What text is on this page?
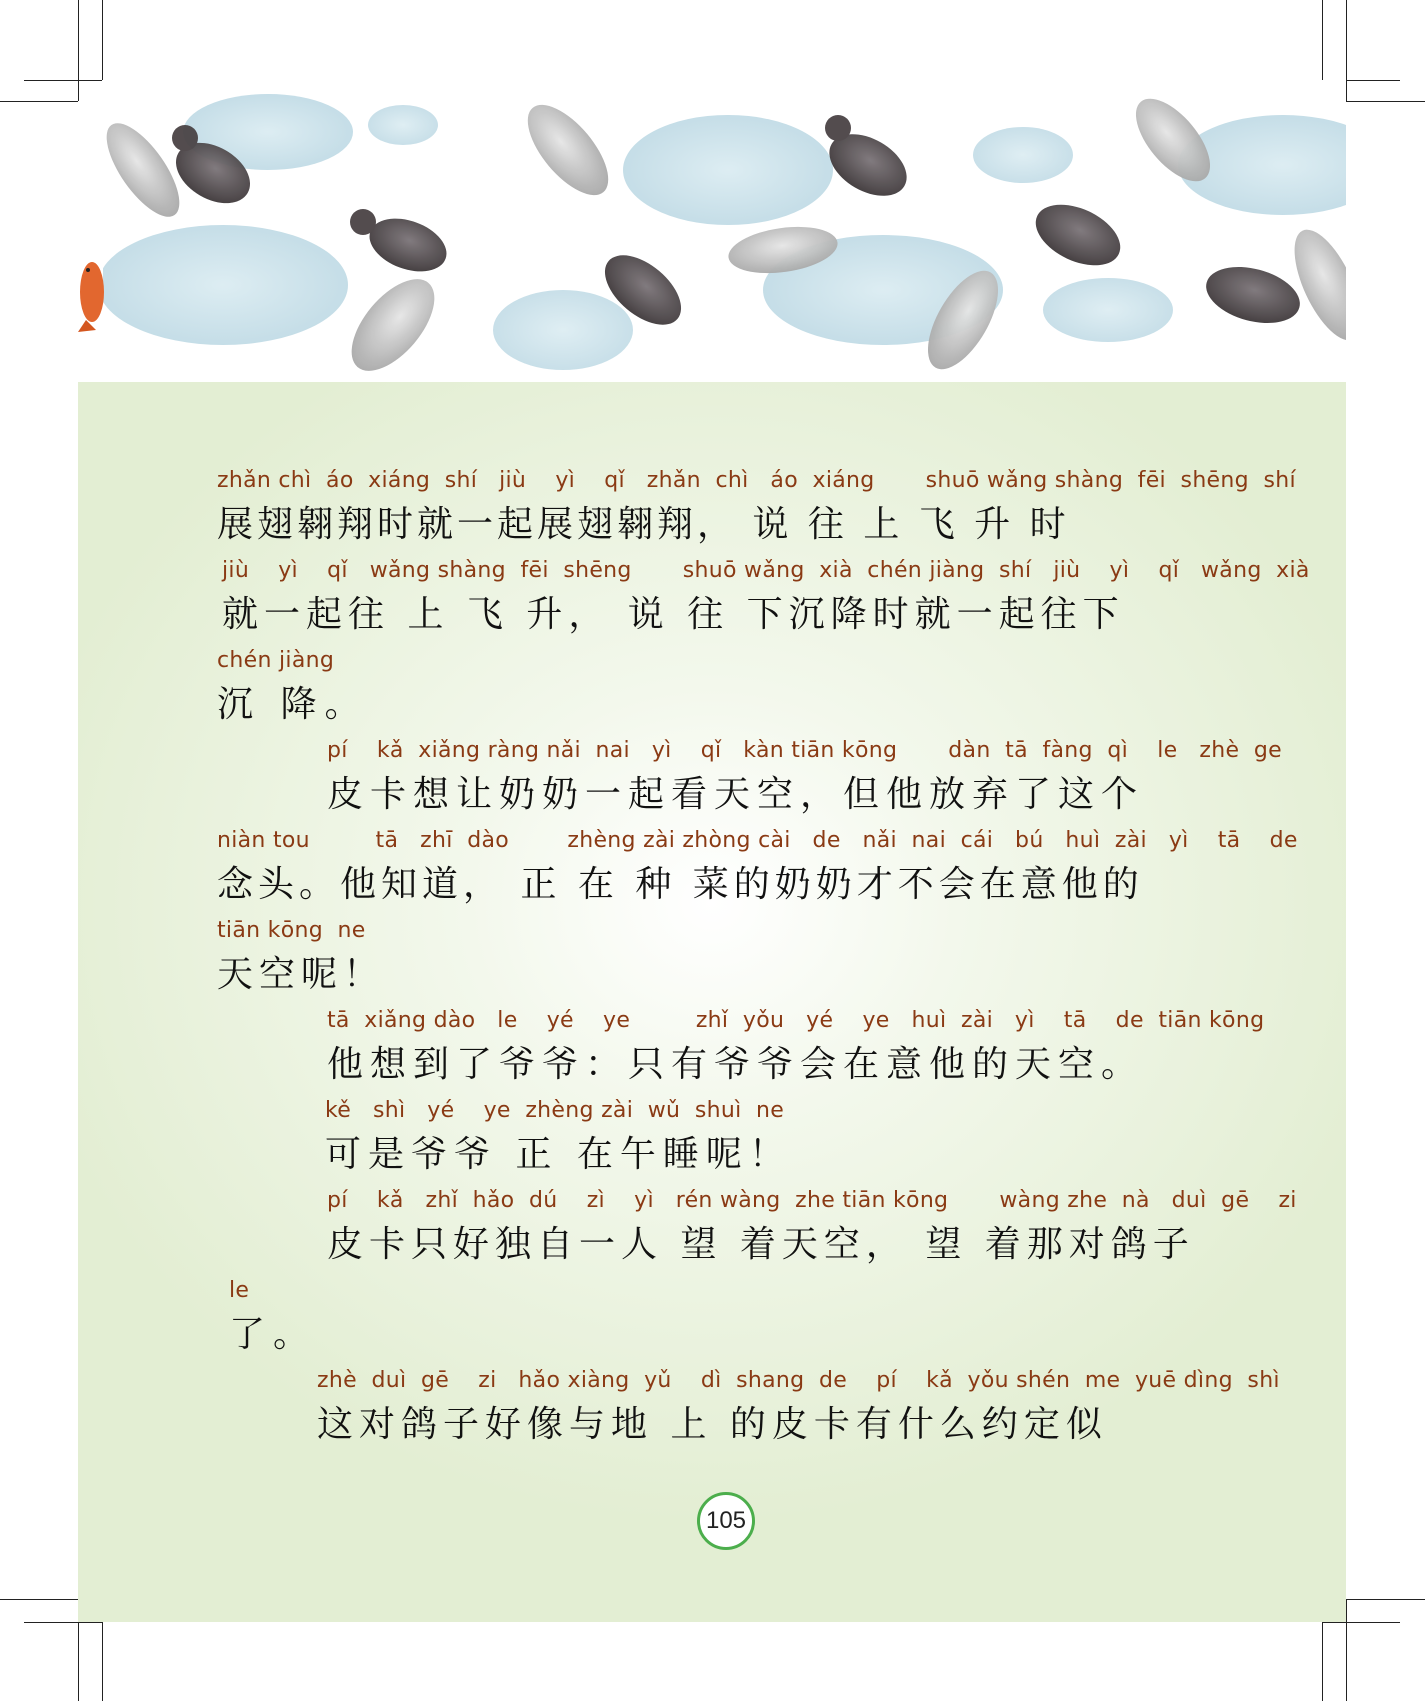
zhǎn chì  áo  xiáng  shí   jiù    yì    qǐ   zhǎn  chì   áo  xiáng       shuō wǎng shàng  fēi  shēng  shí
展翅翱翔时就一起展翅翱翔， 说 往 上 飞 升 时
jiù    yì    qǐ   wǎng shàng  fēi  shēng       shuō wǎng  xià  chén jiàng  shí   jiù    yì    qǐ   wǎng  xià
就一起往 上 飞 升， 说 往 下沉降时就一起往下
chén jiàng
沉 降。
pí    kǎ  xiǎng ràng nǎi  nai   yì    qǐ   kàn tiān kōng       dàn  tā  fàng  qì    le   zhè  ge
皮卡想让奶奶一起看天空，但他放弃了这个
niàn tou         tā   zhī  dào        zhèng zài zhòng cài   de   nǎi  nai  cái   bú   huì  zài   yì    tā    de
念头。他知道， 正 在 种 菜的奶奶才不会在意他的
tiān kōng  ne
天空呢！
tā  xiǎng dào   le    yé    ye         zhǐ  yǒu   yé    ye   huì  zài   yì    tā    de  tiān kōng
他想到了爷爷：只有爷爷会在意他的天空。
kě   shì   yé    ye  zhèng zài  wǔ  shuì  ne
可是爷爷 正 在午睡呢！
pí    kǎ   zhǐ  hǎo  dú    zì    yì   rén wàng  zhe tiān kōng       wàng zhe  nà   duì  gē    zi
皮卡只好独自一人 望 着天空， 望 着那对鸽子
le
了。
zhè  duì  gē    zi   hǎo xiàng  yǔ    dì  shang  de    pí    kǎ  yǒu shén  me  yuē dìng  shì
这对鸽子好像与地 上 的皮卡有什么约定似
105
